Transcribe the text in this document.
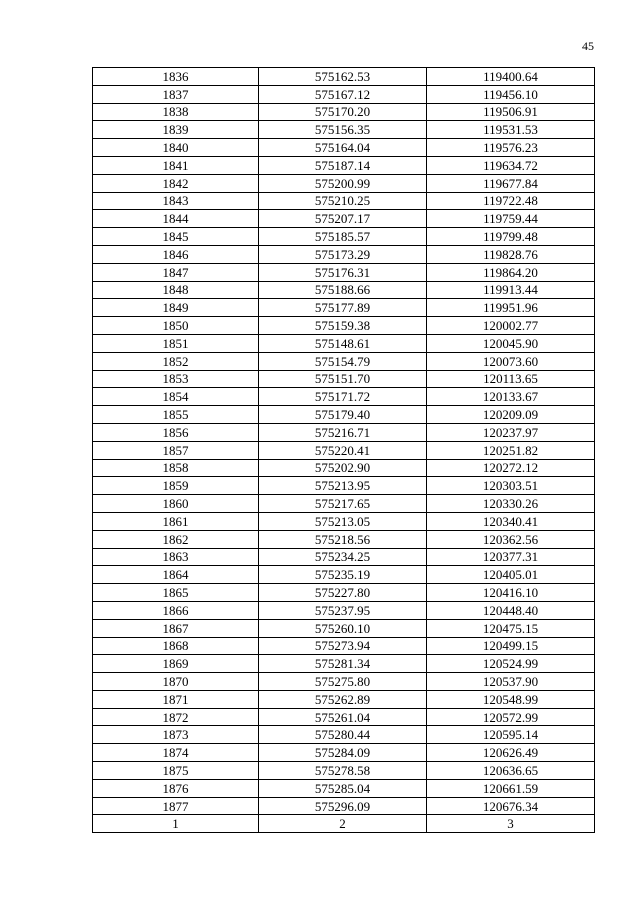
45
1836	575162.53	119400.64
1837	575167.12	119456.10
1838	575170.20	119506.91
1839	575156.35	119531.53
1840	575164.04	119576.23
1841	575187.14	119634.72
1842	575200.99	119677.84
1843	575210.25	119722.48
1844	575207.17	119759.44
1845	575185.57	119799.48
1846	575173.29	119828.76
1847	575176.31	119864.20
1848	575188.66	119913.44
1849	575177.89	119951.96
1850	575159.38	120002.77
1851	575148.61	120045.90
1852	575154.79	120073.60
1853	575151.70	120113.65
1854	575171.72	120133.67
1855	575179.40	120209.09
1856	575216.71	120237.97
1857	575220.41	120251.82
1858	575202.90	120272.12
1859	575213.95	120303.51
1860	575217.65	120330.26
1861	575213.05	120340.41
1862	575218.56	120362.56
1863	575234.25	120377.31
1864	575235.19	120405.01
1865	575227.80	120416.10
1866	575237.95	120448.40
1867	575260.10	120475.15
1868	575273.94	120499.15
1869	575281.34	120524.99
1870	575275.80	120537.90
1871	575262.89	120548.99
1872	575261.04	120572.99
1873	575280.44	120595.14
1874	575284.09	120626.49
1875	575278.58	120636.65
1876	575285.04	120661.59
1877	575296.09	120676.34
1	2	3
